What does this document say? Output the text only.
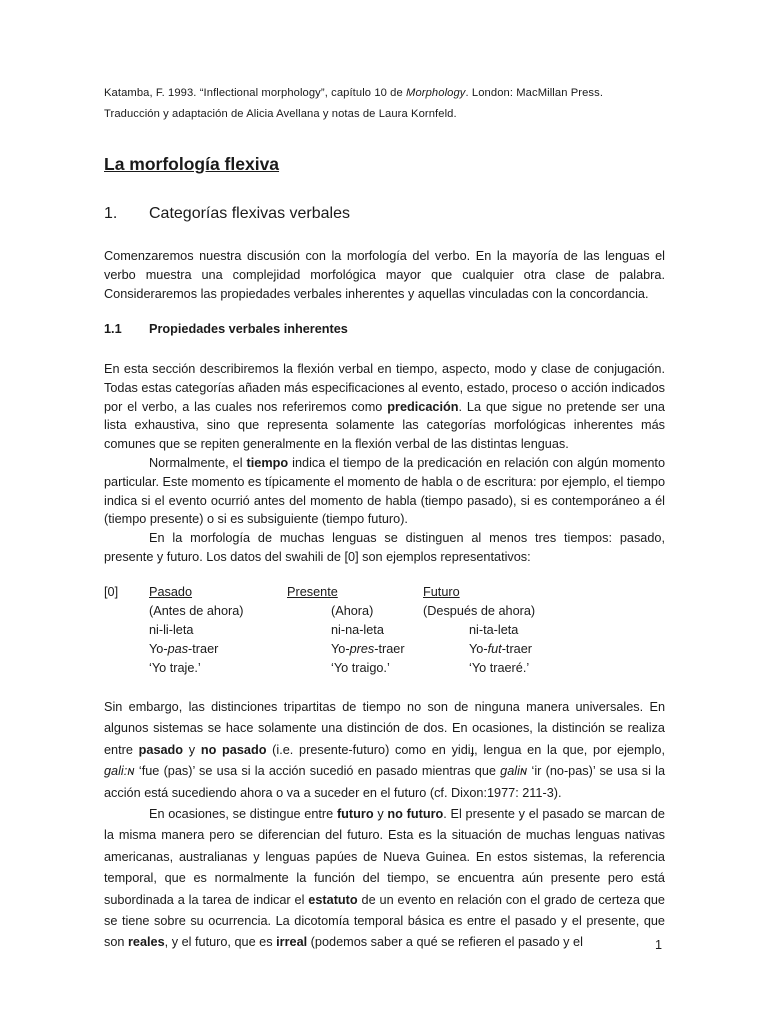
Katamba, F. 1993. “Inflectional morphology”, capítulo 10 de Morphology. London: MacMillan Press.
Traducción y adaptación de Alicia Avellana y notas de Laura Kornfeld.
La morfología flexiva
1. Categorías flexivas verbales

Comenzaremos nuestra discusión con la morfología del verbo. En la mayoría de las lenguas el verbo muestra una complejidad morfológica mayor que cualquier otra clase de palabra. Consideraremos las propiedades verbales inherentes y aquellas vinculadas con la concordancia.

1.1 Propiedades verbales inherentes

En esta sección describiremos la flexión verbal en tiempo, aspecto, modo y clase de conjugación. Todas estas categorías añaden más especificaciones al evento, estado, proceso o acción indicados por el verbo, a las cuales nos referiremos como predicación. La que sigue no pretende ser una lista exhaustiva, sino que representa solamente las categorías morfológicas inherentes más comunes que se repiten generalmente en la flexión verbal de las distintas lenguas.

Normalmente, el tiempo indica el tiempo de la predicación en relación con algún momento particular. Este momento es típicamente el momento de habla o de escritura: por ejemplo, el tiempo indica si el evento ocurrió antes del momento de habla (tiempo pasado), si es contemporáneo a él (tiempo presente) o si es subsiguiente (tiempo futuro).

En la morfología de muchas lenguas se distinguen al menos tres tiempos: pasado, presente y futuro. Los datos del swahili de [0] son ejemplos representativos:

[0] Pasado	Presente	Futuro
(Antes de ahora)	(Ahora)	(Después de ahora)
ni-li-leta	ni-na-leta	ni-ta-leta
Yo-pas-traer	Yo-pres-traer	Yo-fut-traer
‘Yo traje.’	‘Yo traigo.’	‘Yo traeré.’

Sin embargo, las distinciones tripartitas de tiempo no son de ninguna manera universales. En algunos sistemas se hace solamente una distinción de dos. En ocasiones, la distinción se realiza entre pasado y no pasado (i.e. presente-futuro) como en yidiɟ, lengua en la que, por ejemplo, gali:ɴ ‘fue (pas)’ se usa si la acción sucedió en pasado mientras que galiɴ ‘ir (no-pas)’ se usa si la acción está sucediendo ahora o va a suceder en el futuro (cf. Dixon:1977: 211-3).

En ocasiones, se distingue entre futuro y no futuro. El presente y el pasado se marcan de la misma manera pero se diferencian del futuro. Esta es la situación de muchas lenguas nativas americanas, australianas y lenguas papúes de Nueva Guinea. En estos sistemas, la referencia temporal, que es normalmente la función del tiempo, se encuentra aún presente pero está subordinada a la tarea de indicar el estatuto de un evento en relación con el grado de certeza que se tiene sobre su ocurrencia. La dicotomía temporal básica es entre el pasado y el presente, que son reales, y el futuro, que es irreal (podemos saber a qué se refieren el pasado y el	1
